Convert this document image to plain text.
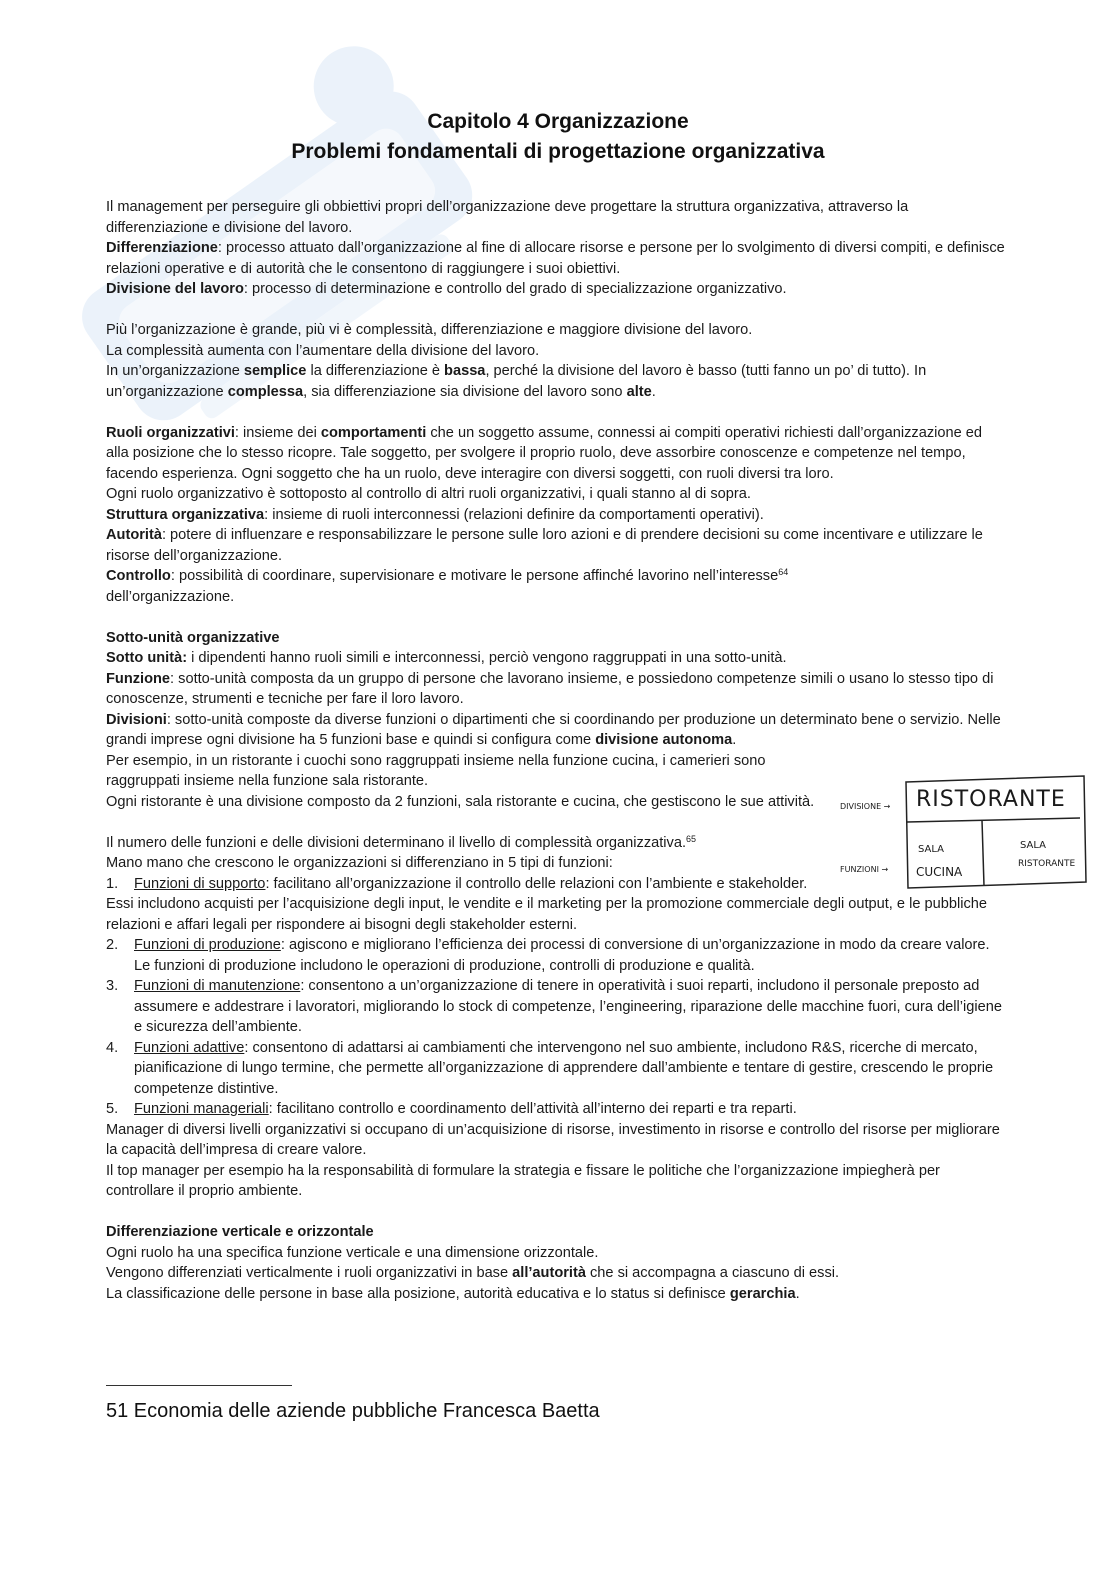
Capitolo 4 Organizzazione
Problemi fondamentali di progettazione organizzativa

Il management per perseguire gli obbiettivi propri dell’organizzazione deve progettare la struttura organizzativa, attraverso la differenziazione e divisione del lavoro.

Differenziazione: processo attuato dall’organizzazione al fine di allocare risorse e persone per lo svolgimento di diversi compiti, e definisce relazioni operative e di autorità che le consentono di raggiungere i suoi obiettivi.

Divisione del lavoro: processo di determinazione e controllo del grado di specializzazione organizzativo.

Più l’organizzazione è grande, più vi è complessità, differenziazione e maggiore divisione del lavoro.

La complessità aumenta con l’aumentare della divisione del lavoro.

In un’organizzazione semplice la differenziazione è bassa, perché la divisione del lavoro è basso (tutti fanno un po’ di tutto). In un’organizzazione complessa, sia differenziazione sia divisione del lavoro sono alte.

Ruoli organizzativi: insieme dei comportamenti che un soggetto assume, connessi ai compiti operativi richiesti dall’organizzazione ed alla posizione che lo stesso ricopre. Tale soggetto, per svolgere il proprio ruolo, deve assorbire conoscenze e competenze nel tempo, facendo esperienza. Ogni soggetto che ha un ruolo, deve interagire con diversi soggetti, con ruoli diversi tra loro.

Ogni ruolo organizzativo è sottoposto al controllo di altri ruoli organizzativi, i quali stanno al di sopra.

Struttura organizzativa: insieme di ruoli interconnessi (relazioni definire da comportamenti operativi).

Autorità: potere di influenzare e responsabilizzare le persone sulle loro azioni e di prendere decisioni su come incentivare e utilizzare le risorse dell’organizzazione.

Controllo: possibilità di coordinare, supervisionare e motivare le persone affinché lavorino nell’interesse$^{64}$
dell’organizzazione.

Sotto-unità organizzative

Sotto unità: i dipendenti hanno ruoli simili e interconnessi, perciò vengono raggruppati in una sotto-unità.

Funzione: sotto-unità composta da un gruppo di persone che lavorano insieme, e possiedono competenze simili o usano lo stesso tipo di conoscenze, strumenti e tecniche per fare il loro lavoro.

Divisioni: sotto-unità composte da diverse funzioni o dipartimenti che si coordinando per produzione un determinato bene o servizio. Nelle grandi imprese ogni divisione ha 5 funzioni base e quindi si configura come divisione autonoma.

Per esempio, in un ristorante i cuochi sono raggruppati insieme nella funzione cucina, i camerieri sono raggruppati insieme nella funzione sala ristorante.

Ogni ristorante è una divisione composto da 2 funzioni, sala ristorante e cucina, che gestiscono le sue attività.

Il numero delle funzioni e delle divisioni determinano il livello di complessità organizzativa.$^{65}$

Mano mano che crescono le organizzazioni si differenziano in 5 tipi di funzioni:

1. Funzioni di supporto: facilitano all’organizzazione il controllo delle relazioni con l’ambiente e stakeholder.

Essi includono acquisti per l’acquisizione degli input, le vendite e il marketing per la promozione commerciale degli output, e le pubbliche relazioni e affari legali per rispondere ai bisogni degli stakeholder esterni.

2. Funzioni di produzione: agiscono e migliorano l’efficienza dei processi di conversione di un’organizzazione in modo da creare valore. Le funzioni di produzione includono le operazioni di produzione, controlli di produzione e qualità.
3. Funzioni di manutenzione: consentono a un’organizzazione di tenere in operatività i suoi reparti, includono il personale preposto ad assumere e addestrare i lavoratori, migliorando lo stock di competenze, l’engineering, riparazione delle macchine fuori, cura dell’igiene e sicurezza dell’ambiente.
4. Funzioni adattive: consentono di adattarsi ai cambiamenti che intervengono nel suo ambiente, includono R&S, ricerche di mercato, pianificazione di lungo termine, che permette all’organizzazione di apprendere dall’ambiente e tentare di gestire, crescendo le proprie competenze distintive.
5. Funzioni manageriali: facilitano controllo e coordinamento dell’attività all’interno dei reparti e tra reparti.

Manager di diversi livelli organizzativi si occupano di un’acquisizione di risorse, investimento in risorse e controllo del risorse per migliorare la capacità dell’impresa di creare valore.

Il top manager per esempio ha la responsabilità di formulare la strategia e fissare le politiche che l’organizzazione impiegherà per controllare il proprio ambiente.

Differenziazione verticale e orizzontale

Ogni ruolo ha una specifica funzione verticale e una dimensione orizzontale.

Vengono differenziati verticalmente i ruoli organizzativi in base all’autorità che si accompagna a ciascuno di essi.

La classificazione delle persone in base alla posizione, autorità educativa e lo status si definisce gerarchia.

DIVISIONE →
FUNZIONI →
RISTORANTE
SALA
CUCINA
SALA
RISTORANTE
51 Economia delle aziende pubbliche Francesca Baetta
